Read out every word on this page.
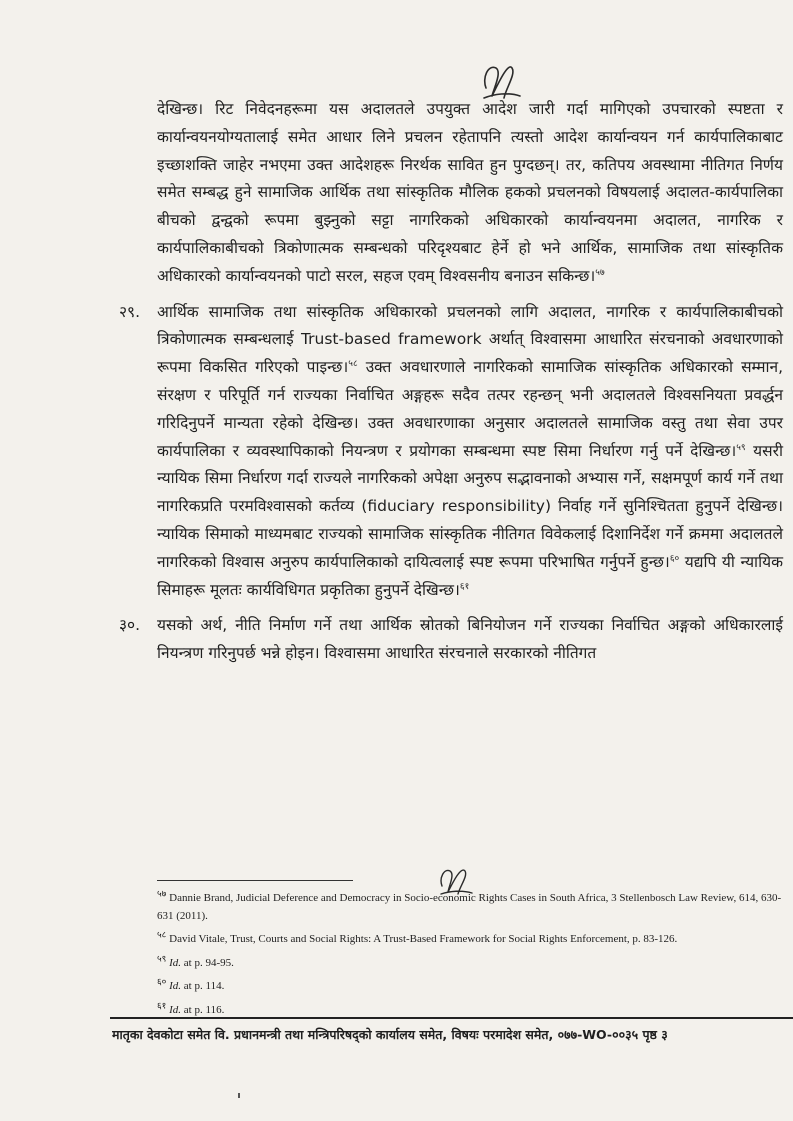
देखिन्छ। रिट निवेदनहरूमा यस अदालतले उपयुक्त आदेश जारी गर्दा मागिएको उपचारको स्पष्टता र कार्यान्वयनयोग्यतालाई समेत आधार लिने प्रचलन रहेतापनि त्यस्तो आदेश कार्यान्वयन गर्न कार्यपालिकाबाट इच्छाशक्ति जाहेर नभएमा उक्त आदेशहरू निरर्थक सावित हुन पुग्दछन्। तर, कतिपय अवस्थामा नीतिगत निर्णय समेत सम्बद्ध हुने सामाजिक आर्थिक तथा सांस्कृतिक मौलिक हकको प्रचलनको विषयलाई अदालत-कार्यपालिका बीचको द्वन्द्वको रूपमा बुझ्नुको सट्टा नागरिकको अधिकारको कार्यान्वयनमा अदालत, नागरिक र कार्यपालिकाबीचको त्रिकोणात्मक सम्बन्धको परिदृश्यबाट हेर्ने हो भने आर्थिक, सामाजिक तथा सांस्कृतिक अधिकारको कार्यान्वयनको पाटो सरल, सहज एवम् विश्वसनीय बनाउन सकिन्छ।$^{५७}$

२९. आर्थिक सामाजिक तथा सांस्कृतिक अधिकारको प्रचलनको लागि अदालत, नागरिक र कार्यपालिकाबीचको त्रिकोणात्मक सम्बन्धलाई Trust-based framework अर्थात् विश्वासमा आधारित संरचनाको अवधारणाको रूपमा विकसित गरिएको पाइन्छ।$^{५८}$ उक्त अवधारणाले नागरिकको सामाजिक सांस्कृतिक अधिकारको सम्मान, संरक्षण र परिपूर्ति गर्न राज्यका निर्वाचित अङ्गहरू सदैव तत्पर रहन्छन् भनी अदालतले विश्वसनियता प्रवर्द्धन गरिदिनुपर्ने मान्यता रहेको देखिन्छ। उक्त अवधारणाका अनुसार अदालतले सामाजिक वस्तु तथा सेवा उपर कार्यपालिका र व्यवस्थापिकाको नियन्त्रण र प्रयोगका सम्बन्धमा स्पष्ट सिमा निर्धारण गर्नु पर्ने देखिन्छ।$^{५९}$ यसरी न्यायिक सिमा निर्धारण गर्दा राज्यले नागरिकको अपेक्षा अनुरुप सद्भावनाको अभ्यास गर्ने, सक्षमपूर्ण कार्य गर्ने तथा नागरिकप्रति परमविश्वासको कर्तव्य (fiduciary responsibility) निर्वाह गर्ने सुनिश्चितता हुनुपर्ने देखिन्छ। न्यायिक सिमाको माध्यमबाट राज्यको सामाजिक सांस्कृतिक नीतिगत विवेकलाई दिशानिर्देश गर्ने क्रममा अदालतले नागरिकको विश्वास अनुरुप कार्यपालिकाको दायित्वलाई स्पष्ट रूपमा परिभाषित गर्नुपर्ने हुन्छ।$^{६०}$ यद्यपि यी न्यायिक सिमाहरू मूलतः कार्यविधिगत प्रकृतिका हुनुपर्ने देखिन्छ।$^{६१}$

३०. यसको अर्थ, नीति निर्माण गर्ने तथा आर्थिक स्रोतको बिनियोजन गर्ने राज्यका निर्वाचित अङ्गको अधिकारलाई नियन्त्रण गरिनुपर्छ भन्ने होइन। विश्वासमा आधारित संरचनाले सरकारको नीतिगत

$^{५७}$ Dannie Brand, Judicial Deference and Democracy in Socio-economic Rights Cases in South Africa, 3 Stellenbosch Law Review, 614, 630-631 (2011).

$^{५८}$ David Vitale, Trust, Courts and Social Rights: A Trust-Based Framework for Social Rights Enforcement, p. 83-126.

$^{५९}$ Id. at p. 94-95.

$^{६०}$ Id. at p. 114.

$^{६१}$ Id. at p. 116.

मातृका देवकोटा समेत वि. प्रधानमन्त्री तथा मन्त्रिपरिषद्को कार्यालय समेत, विषयः परमादेश समेत, ०७७-WO-००३५ पृष्ठ ३
